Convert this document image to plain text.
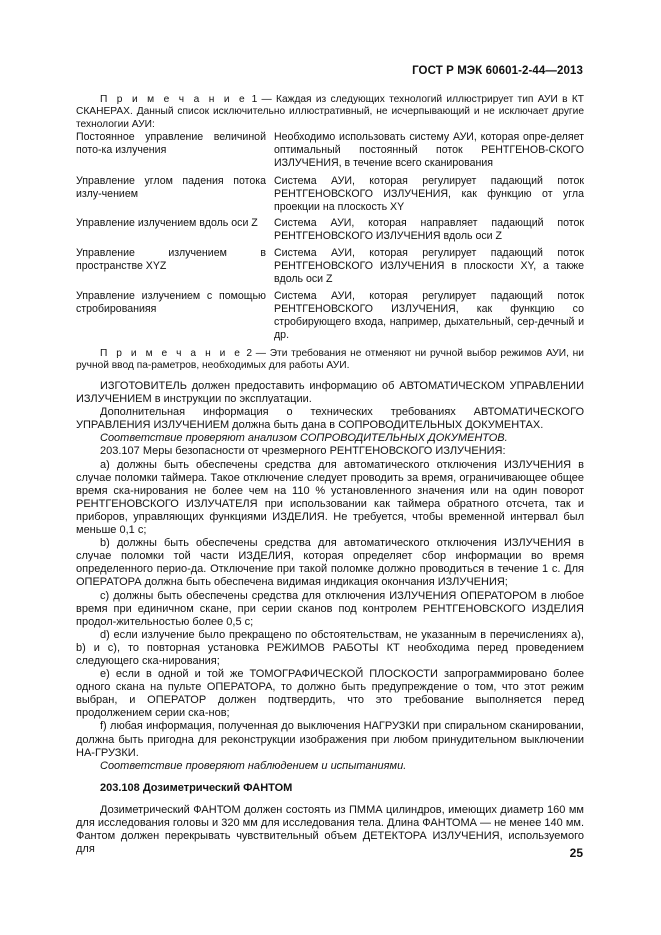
ГОСТ Р МЭК 60601-2-44—2013

П р и м е ч а н и е 1 — Каждая из следующих технологий иллюстрирует тип АУИ в КТ СКАНЕРАХ. Данный список исключительно иллюстративный, не исчерпывающий и не исключает другие технологии АУИ:

Постоянное управление величиной пото-ка излучения
Необходимо использовать систему АУИ, которая опре-деляет оптимальный постоянный поток РЕНТГЕНОВ-СКОГО ИЗЛУЧЕНИЯ, в течение всего сканирования
Управление углом падения потока излу-чением
Система АУИ, которая регулирует падающий поток РЕНТГЕНОВСКОГО ИЗЛУЧЕНИЯ, как функцию от угла проекции на плоскость XY
Управление излучением вдоль оси Z	Система АУИ, которая направляет падающий поток РЕНТГЕНОВСКОГО ИЗЛУЧЕНИЯ вдоль оси Z
Управление излучением в пространстве XYZ
Система АУИ, которая регулирует падающий поток РЕНТГЕНОВСКОГО ИЗЛУЧЕНИЯ в плоскости XY, а также вдоль оси Z
Управление излучением с помощью стробированияя
Система АУИ, которая регулирует падающий поток РЕНТГЕНОВСКОГО ИЗЛУЧЕНИЯ, как функцию со стробирующего входа, например, дыхательный, сер-дечный и др.

П р и м е ч а н и е 2 — Эти требования не отменяют ни ручной выбор режимов АУИ, ни ручной ввод па-раметров, необходимых для работы АУИ.

ИЗГОТОВИТЕЛЬ должен предоставить информацию об АВТОМАТИЧЕСКОМ УПРАВЛЕНИИ ИЗЛУЧЕНИЕМ в инструкции по эксплуатации.

Дополнительная информация о технических требованиях АВТОМАТИЧЕСКОГО УПРАВЛЕНИЯ ИЗЛУЧЕНИЕМ должна быть дана в СОПРОВОДИТЕЛЬНЫХ ДОКУМЕНТАХ.

Соответствие проверяют анализом СОПРОВОДИТЕЛЬНЫХ ДОКУМЕНТОВ.

203.107 Меры безопасности от чрезмерного РЕНТГЕНОВСКОГО ИЗЛУЧЕНИЯ:

а) должны быть обеспечены средства для автоматического отключения ИЗЛУЧЕНИЯ в случае поломки таймера. Такое отключение следует проводить за время, ограничивающее общее время ска-нирования не более чем на 110 % установленного значения или на один поворот РЕНТГЕНОВСКОГО ИЗЛУЧАТЕЛЯ при использовании как таймера обратного отсчета, так и приборов, управляющих функциями ИЗДЕЛИЯ. Не требуется, чтобы временной интервал был меньше 0,1 с;

b) должны быть обеспечены средства для автоматического отключения ИЗЛУЧЕНИЯ в случае поломки той части ИЗДЕЛИЯ, которая определяет сбор информации во время определенного перио-да. Отключение при такой поломке должно проводиться в течение 1 с. Для ОПЕРАТОРА должна быть обеспечена видимая индикация окончания ИЗЛУЧЕНИЯ;

с) должны быть обеспечены средства для отключения ИЗЛУЧЕНИЯ ОПЕРАТОРОМ в любое время при единичном скане, при серии сканов под контролем РЕНТГЕНОВСКОГО ИЗДЕЛИЯ продол-жительностью более 0,5 с;

d) если излучение было прекращено по обстоятельствам, не указанным в перечислениях а), b) и с), то повторная установка РЕЖИМОВ РАБОТЫ КТ необходима перед проведением следующего ска-нирования;

е) если в одной и той же ТОМОГРАФИЧЕСКОЙ ПЛОСКОСТИ запрограммировано более одного скана на пульте ОПЕРАТОРА, то должно быть предупреждение о том, что этот режим выбран, и ОПЕРАТОР должен подтвердить, что это требование выполняется перед продолжением серии ска-нов;

f) любая информация, полученная до выключения НАГРУЗКИ при спиральном сканировании, должна быть пригодна для реконструкции изображения при любом принудительном выключении НА-ГРУЗКИ.

Соответствие проверяют наблюдением и испытаниями.

203.108 Дозиметрический ФАНТОМ

Дозиметрический ФАНТОМ должен состоять из ПММА цилиндров, имеющих диаметр 160 мм для исследования головы и 320 мм для исследования тела. Длина ФАНТОМА — не менее 140 мм. Фантом должен перекрывать чувствительный объем ДЕТЕКТОРА ИЗЛУЧЕНИЯ, используемого для	25
